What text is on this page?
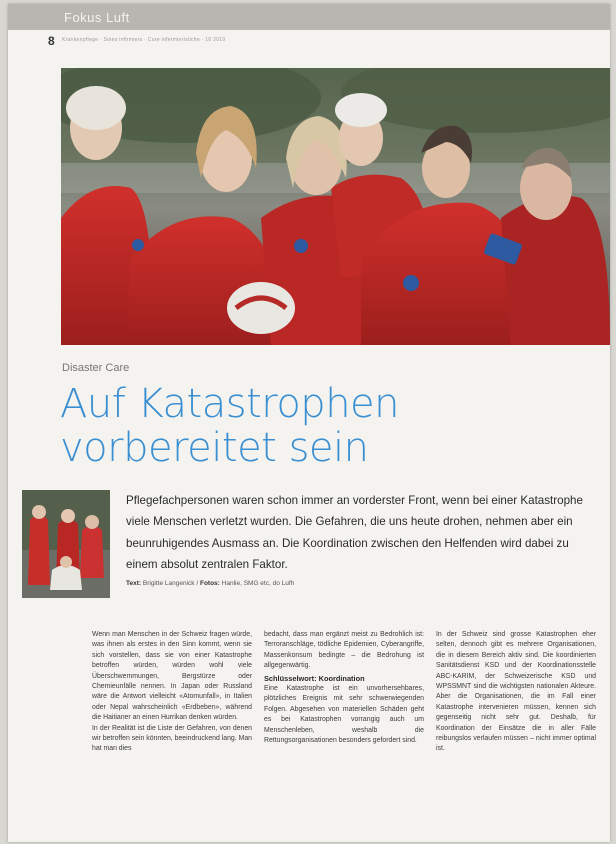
Fokus Luft
8 Krankenpflege · Soins infirmiers · Cure infermieristiche · 10 2019
Disaster Care
Auf Katastrophen
vorbereitet sein

Pflegefachpersonen waren schon immer an vorderster Front, wenn bei einer Katastrophe viele Menschen verletzt wurden. Die Gefahren, die uns heute drohen, nehmen aber ein beunruhigendes Ausmass an. Die Koordination zwischen den Helfenden wird dabei zu einem absolut zentralen Faktor.

Text: Brigitte Langenick / Fotos: Hanlie, SMG etc, do Lufh

Wenn man Menschen in der Schweiz fragen würde, was ihnen als erstes in den Sinn kommt, wenn sie sich vorstellen, dass sie von einer Katastrophe betroffen würden, würden wohl viele Überschwemmungen, Bergstürze oder Chemieunfälle nennen. In Japan oder Russland wäre die Antwort vielleicht «Atomunfall», in Italien oder Nepal wahrscheinlich «Erdbeben», während die Haitianer an einen Hurrikan denken würden.

In der Realität ist die Liste der Gefahren, von denen wir betroffen sein könnten, beeindruckend lang. Man hat man dies

bedacht, dass man ergänzt meist zu Bedrohlich ist: Terroranschläge, tödliche Epidemien, Cyberangriffe, Massenkonsum bedingte – die Bedrohung ist allgegenwärtig.

Schlüsselwort: Koordination

Eine Katastrophe ist ein unvorhersehbares, plötzliches Ereignis mit sehr schwerwiegenden Folgen. Abgesehen von materiellen Schäden geht es bei Katastrophen vorrangig auch um Menschenleben, weshalb die Rettungsorganisationen besonders gefordert sind.

In der Schweiz sind grosse Katastrophen eher selten, dennoch gibt es mehrere Organisationen, die in diesem Bereich aktiv sind. Die koordinierten Sanitätsdienst KSD und der Koordinationsstelle ABC-KARIM, der Schweizerische KSD und WPSSMNT sind die wichtigsten nationalen Akteure. Aber die Organisationen, die im Fall einer Katastrophe intervenieren müssen, kennen sich gegenseitig nicht sehr gut. Deshalb, für Koordination der Einsätze die in aller Fälle reibungslos verlaufen müssen – nicht immer optimal ist.
